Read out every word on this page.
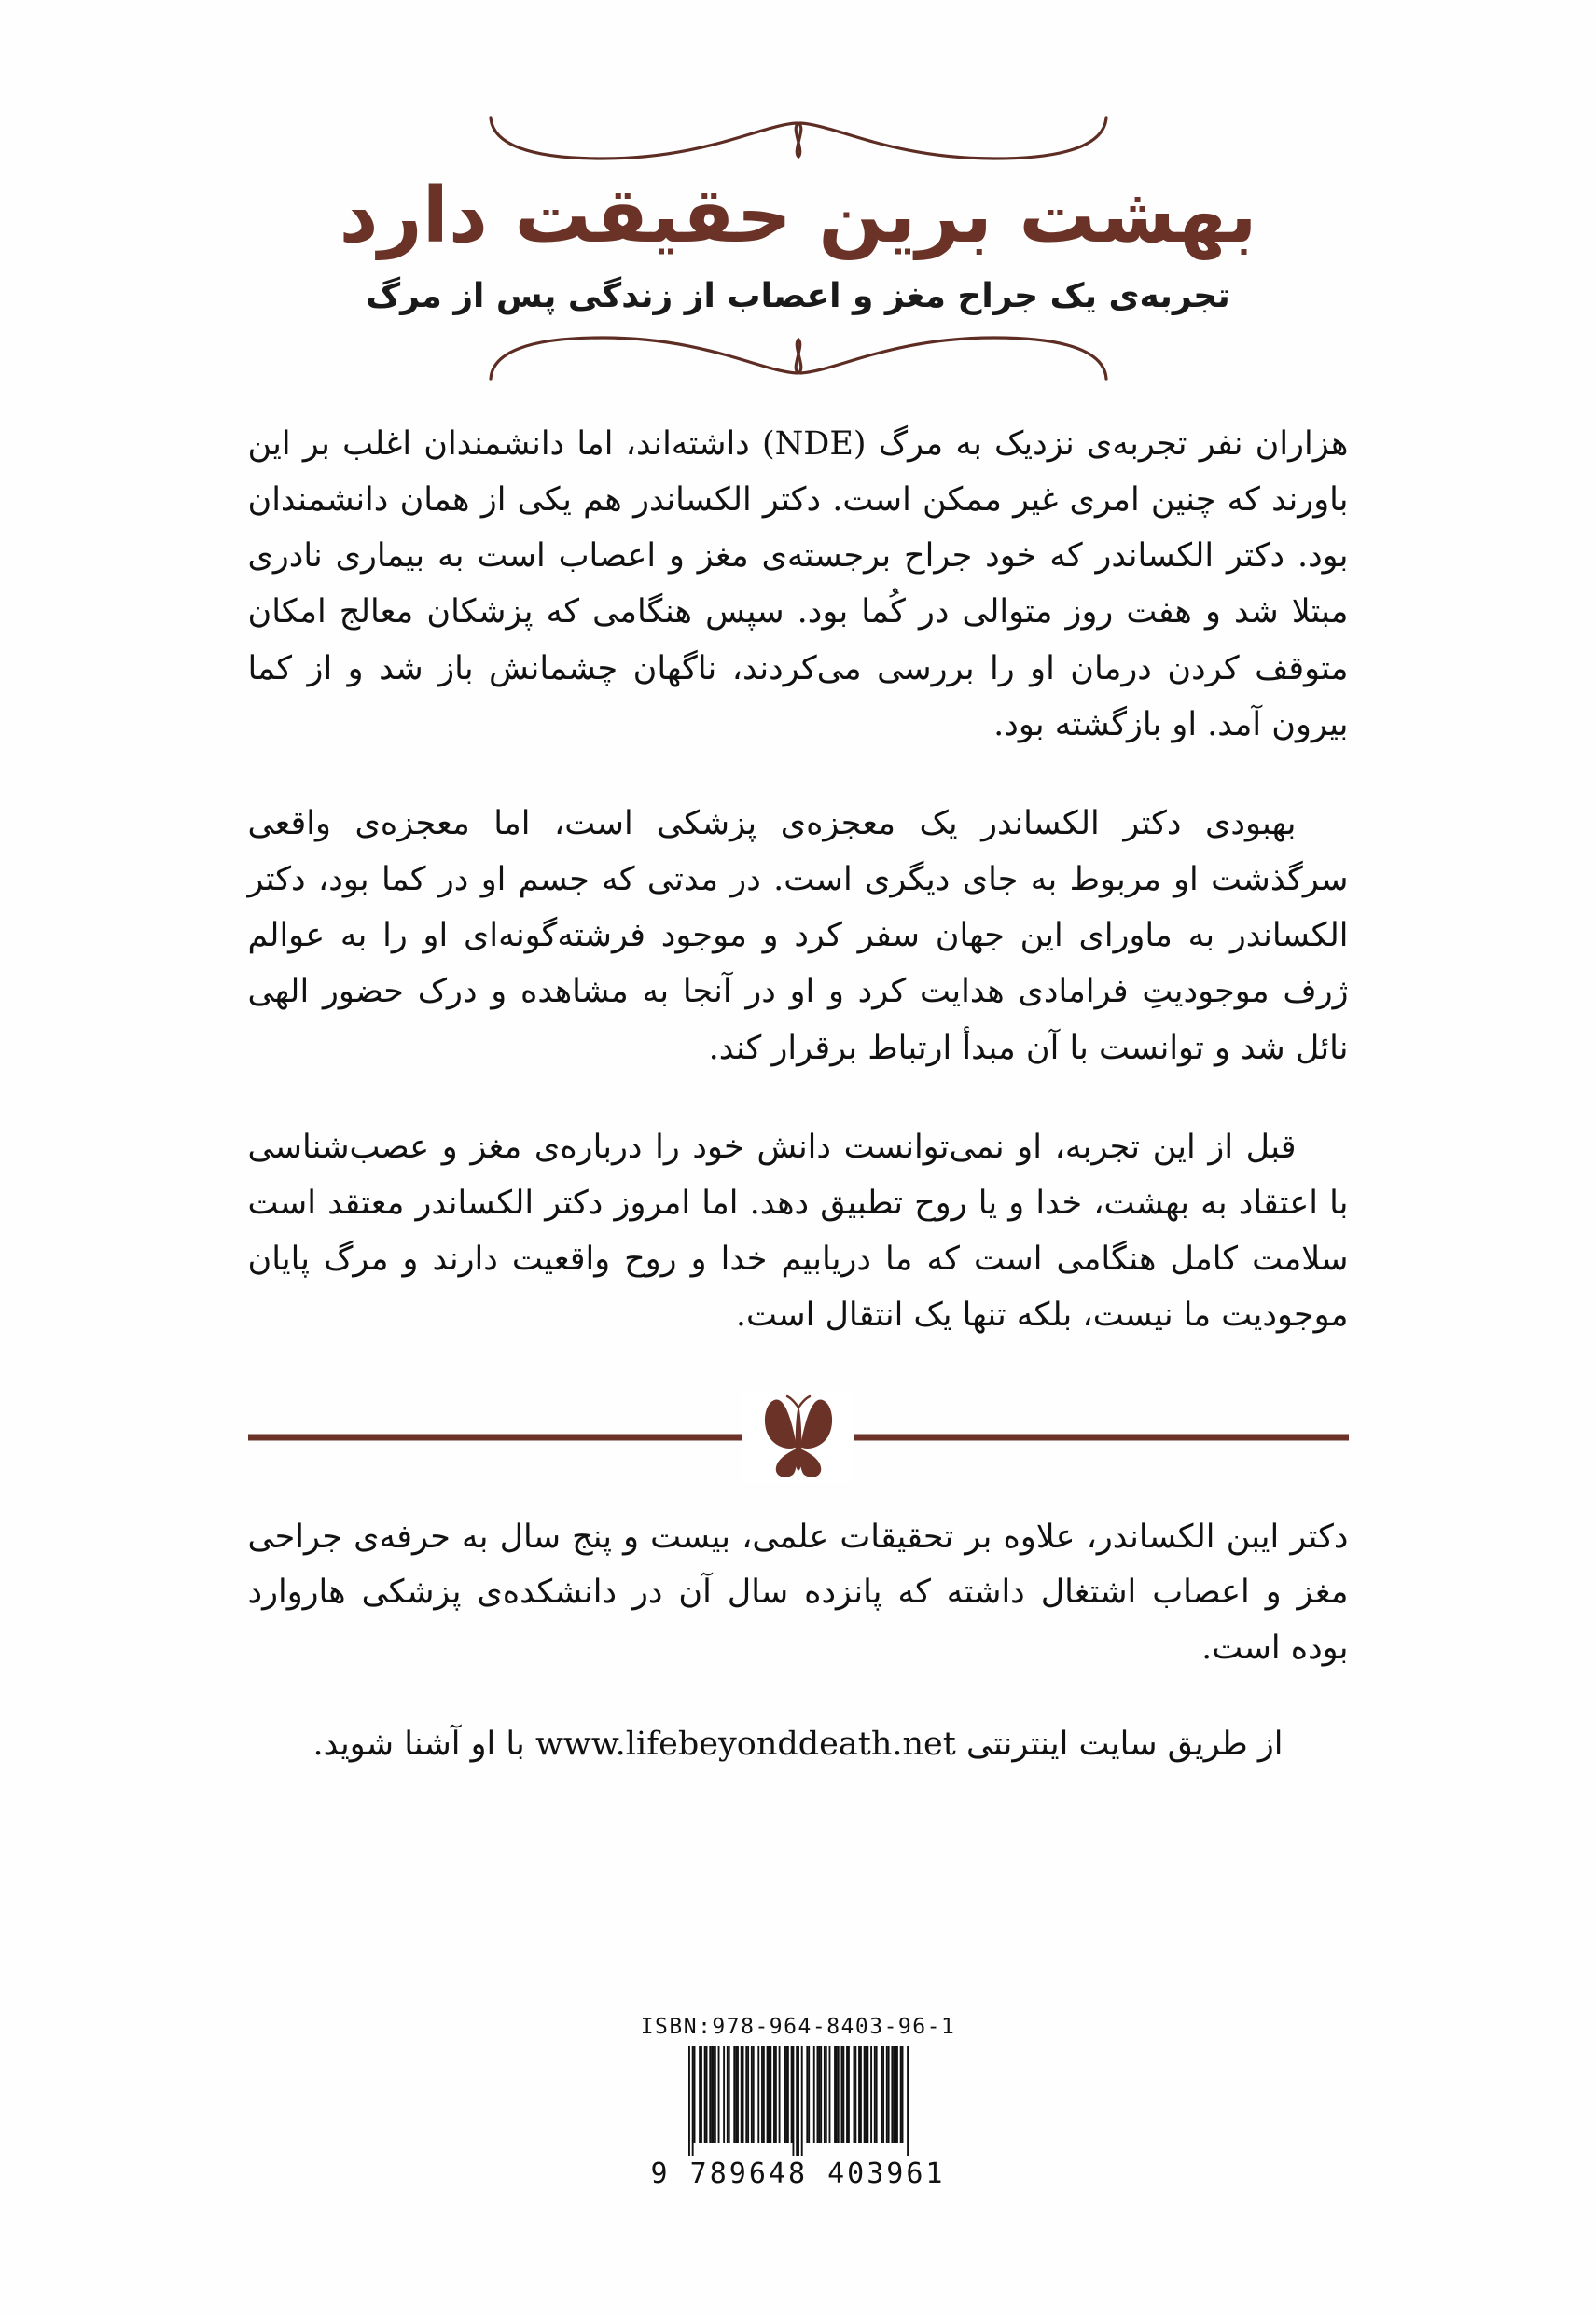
بهشت برین حقیقت دارد
تجربه‌ی یک جراح مغز و اعصاب از زندگی پس از مرگ

هزاران نفر تجربه‌ی نزدیک به مرگ (NDE) داشته‌اند، اما دانشمندان اغلب بر این باورند که چنین امری غیر ممکن است. دکتر الکساندر هم یکی از همان دانشمندان بود. دکتر الکساندر که خود جراح برجسته‌ی مغز و اعصاب است به بیماری نادری مبتلا شد و هفت روز متوالی در کُما بود. سپس هنگامی که پزشکان معالج امکان متوقف کردن درمان او را بررسی می‌کردند، ناگهان چشمانش باز شد و از کما بیرون آمد. او بازگشته بود.

بهبودی دکتر الکساندر یک معجزه‌ی پزشکی است، اما معجزه‌ی واقعی سرگذشت او مربوط به جای دیگری است. در مدتی که جسم او در کما بود، دکتر الکساندر به ماورای این جهان سفر کرد و موجود فرشته‌گونه‌ای او را به عوالم ژرف موجودیتِ فرامادی هدایت کرد و او در آنجا به مشاهده و درک حضور الهی نائل شد و توانست با آن مبدأ ارتباط برقرار کند.

قبل از این تجربه، او نمی‌توانست دانش خود را درباره‌ی مغز و عصب‌شناسی با اعتقاد به بهشت، خدا و یا روح تطبیق دهد. اما امروز دکتر الکساندر معتقد است سلامت کامل هنگامی است که ما دریابیم خدا و روح واقعیت دارند و مرگ پایان موجودیت ما نیست، بلکه تنها یک انتقال است.

دکتر ایبن الکساندر، علاوه بر تحقیقات علمی، بیست و پنج سال به حرفه‌ی جراحی مغز و اعصاب اشتغال داشته که پانزده سال آن در دانشکده‌ی پزشکی هاروارد بوده است.

از طریق سایت اینترنتی www.lifebeyonddeath.net با او آشنا شوید.

ISBN:978-964-8403-96-1
9 789648 403961
